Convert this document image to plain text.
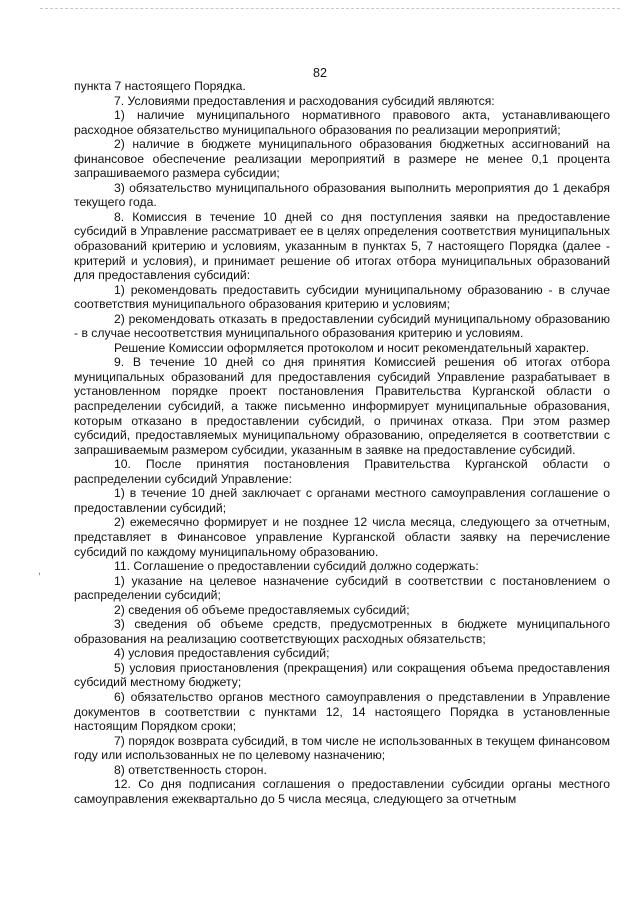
82
,

пункта 7 настоящего Порядка.

7. Условиями предоставления и расходования субсидий являются:

1) наличие муниципального нормативного правового акта, устанавливающего расходное обязательство муниципального образования по реализации мероприятий;

2) наличие в бюджете муниципального образования бюджетных ассигнований на финансовое обеспечение реализации мероприятий в размере не менее 0,1 процента запрашиваемого размера субсидии;

3) обязательство муниципального образования выполнить мероприятия до 1 декабря текущего года.

8. Комиссия в течение 10 дней со дня поступления заявки на предоставление субсидий в Управление рассматривает ее в целях определения соответствия муниципальных образований критерию и условиям, указанным в пунктах 5, 7 настоящего Порядка (далее - критерий и условия), и принимает решение об итогах отбора муниципальных образований для предоставления субсидий:

1) рекомендовать предоставить субсидии муниципальному образованию - в случае соответствия муниципального образования критерию и условиям;

2) рекомендовать отказать в предоставлении субсидий муниципальному образованию - в случае несоответствия муниципального образования критерию и условиям.

Решение Комиссии оформляется протоколом и носит рекомендательный характер.

9. В течение 10 дней со дня принятия Комиссией решения об итогах отбора муниципальных образований для предоставления субсидий Управление разрабатывает в установленном порядке проект постановления Правительства Курганской области о распределении субсидий, а также письменно информирует муниципальные образования, которым отказано в предоставлении субсидий, о причинах отказа. При этом размер субсидий, предоставляемых муниципальному образованию, определяется в соответствии с запрашиваемым размером субсидии, указанным в заявке на предоставление субсидий.

10. После принятия постановления Правительства Курганской области о распределении субсидий Управление:

1) в течение 10 дней заключает с органами местного самоуправления соглашение о предоставлении субсидий;

2) ежемесячно формирует и не позднее 12 числа месяца, следующего за отчетным, представляет в Финансовое управление Курганской области заявку на перечисление субсидий по каждому муниципальному образованию.

11. Соглашение о предоставлении субсидий должно содержать:

1) указание на целевое назначение субсидий в соответствии с постановлением о распределении субсидий;

2) сведения об объеме предоставляемых субсидий;

3) сведения об объеме средств, предусмотренных в бюджете муниципального образования на реализацию соответствующих расходных обязательств;

4) условия предоставления субсидий;

5) условия приостановления (прекращения) или сокращения объема предоставления субсидий местному бюджету;

6) обязательство органов местного самоуправления о представлении в Управление документов в соответствии с пунктами 12, 14 настоящего Порядка в установленные настоящим Порядком сроки;

7) порядок возврата субсидий, в том числе не использованных в текущем финансовом году или использованных не по целевому назначению;

8) ответственность сторон.

12. Со дня подписания соглашения о предоставлении субсидии органы местного самоуправления ежеквартально до 5 числа месяца, следующего за отчетным
